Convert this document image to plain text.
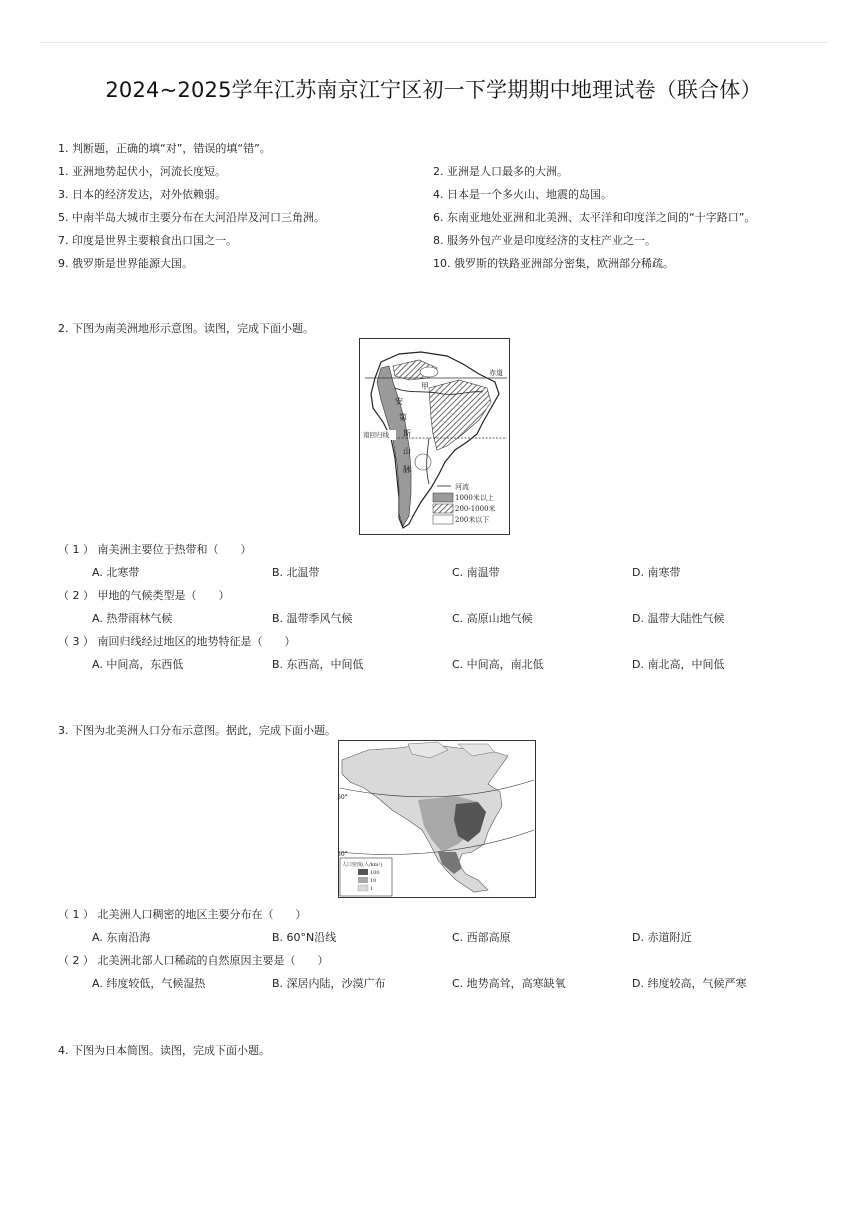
2024~2025学年江苏南京江宁区初一下学期期中地理试卷（联合体）
1. 判断题，正确的填“对”，错误的填“错”。
1. 亚洲地势起伏小，河流长度短。	2. 亚洲是人口最多的大洲。
3. 日本的经济发达，对外依赖弱。	4. 日本是一个多火山、地震的岛国。
5. 中南半岛大城市主要分布在大河沿岸及河口三角洲。	6. 东南亚地处亚洲和北美洲、太平洋和印度洋之间的“十字路口”。
7. 印度是世界主要粮食出口国之一。	8. 服务外包产业是印度经济的支柱产业之一。
9. 俄罗斯是世界能源大国。	10. 俄罗斯的铁路亚洲部分密集，欧洲部分稀疏。
2. 下图为南美洲地形示意图。读图，完成下面小题。
赤道
南回归线
甲
安
第
斯
山
脉
河流
1000米以上
200-1000米
200米以下
（ 1 ） 南美洲主要位于热带和（　　）
A. 北寒带	B. 北温带	C. 南温带	D. 南寒带
（ 2 ） 甲地的气候类型是（　　）
A. 热带雨林气候	B. 温带季风气候	C. 高原山地气候	D. 温带大陆性气候
（ 3 ） 南回归线经过地区的地势特征是（　　）
A. 中间高，东西低	B. 东西高，中间低	C. 中间高，南北低	D. 南北高，中间低
3. 下图为北美洲人口分布示意图。据此，完成下面小题。
60°
30°
人口密度(人/km²)
100
10
1
（ 1 ） 北美洲人口稠密的地区主要分布在（　　）
A. 东南沿海	B. 60°N沿线	C. 西部高原	D. 赤道附近
（ 2 ） 北美洲北部人口稀疏的自然原因主要是（　　）
A. 纬度较低，气候湿热	B. 深居内陆，沙漠广布	C. 地势高耸，高寒缺氧	D. 纬度较高，气候严寒
4. 下图为日本简图。读图，完成下面小题。
